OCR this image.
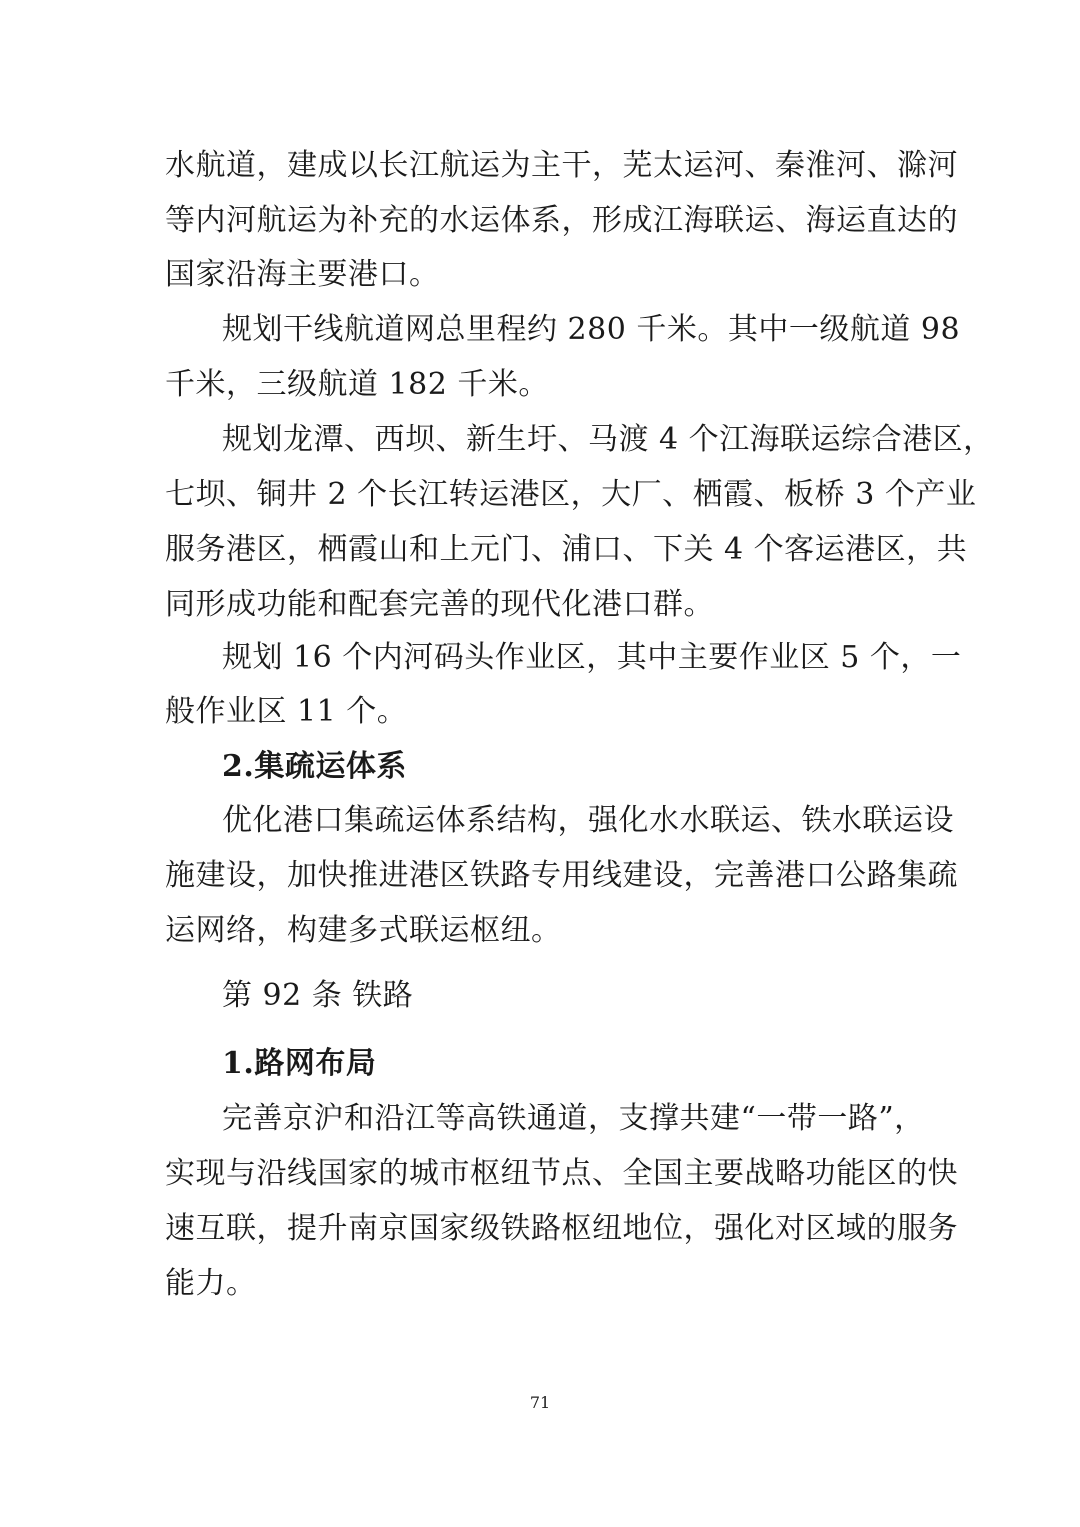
水航道，建成以长江航运为主干，芜太运河、秦淮河、滁河
等内河航运为补充的水运体系，形成江海联运、海运直达的
国家沿海主要港口。
规划干线航道网总里程约 280 千米。其中一级航道 98
千米，三级航道 182 千米。
规划龙潭、西坝、新生圩、马渡 4 个江海联运综合港区，
七坝、铜井 2 个长江转运港区，大厂、栖霞、板桥 3 个产业
服务港区，栖霞山和上元门、浦口、下关 4 个客运港区，共
同形成功能和配套完善的现代化港口群。
规划 16 个内河码头作业区，其中主要作业区 5 个，一
般作业区 11 个。
2.集疏运体系
优化港口集疏运体系结构，强化水水联运、铁水联运设
施建设，加快推进港区铁路专用线建设，完善港口公路集疏
运网络，构建多式联运枢纽。
第 92 条 铁路
1.路网布局
完善京沪和沿江等高铁通道，支撑共建“一带一路”，
实现与沿线国家的城市枢纽节点、全国主要战略功能区的快
速互联，提升南京国家级铁路枢纽地位，强化对区域的服务
能力。
71
